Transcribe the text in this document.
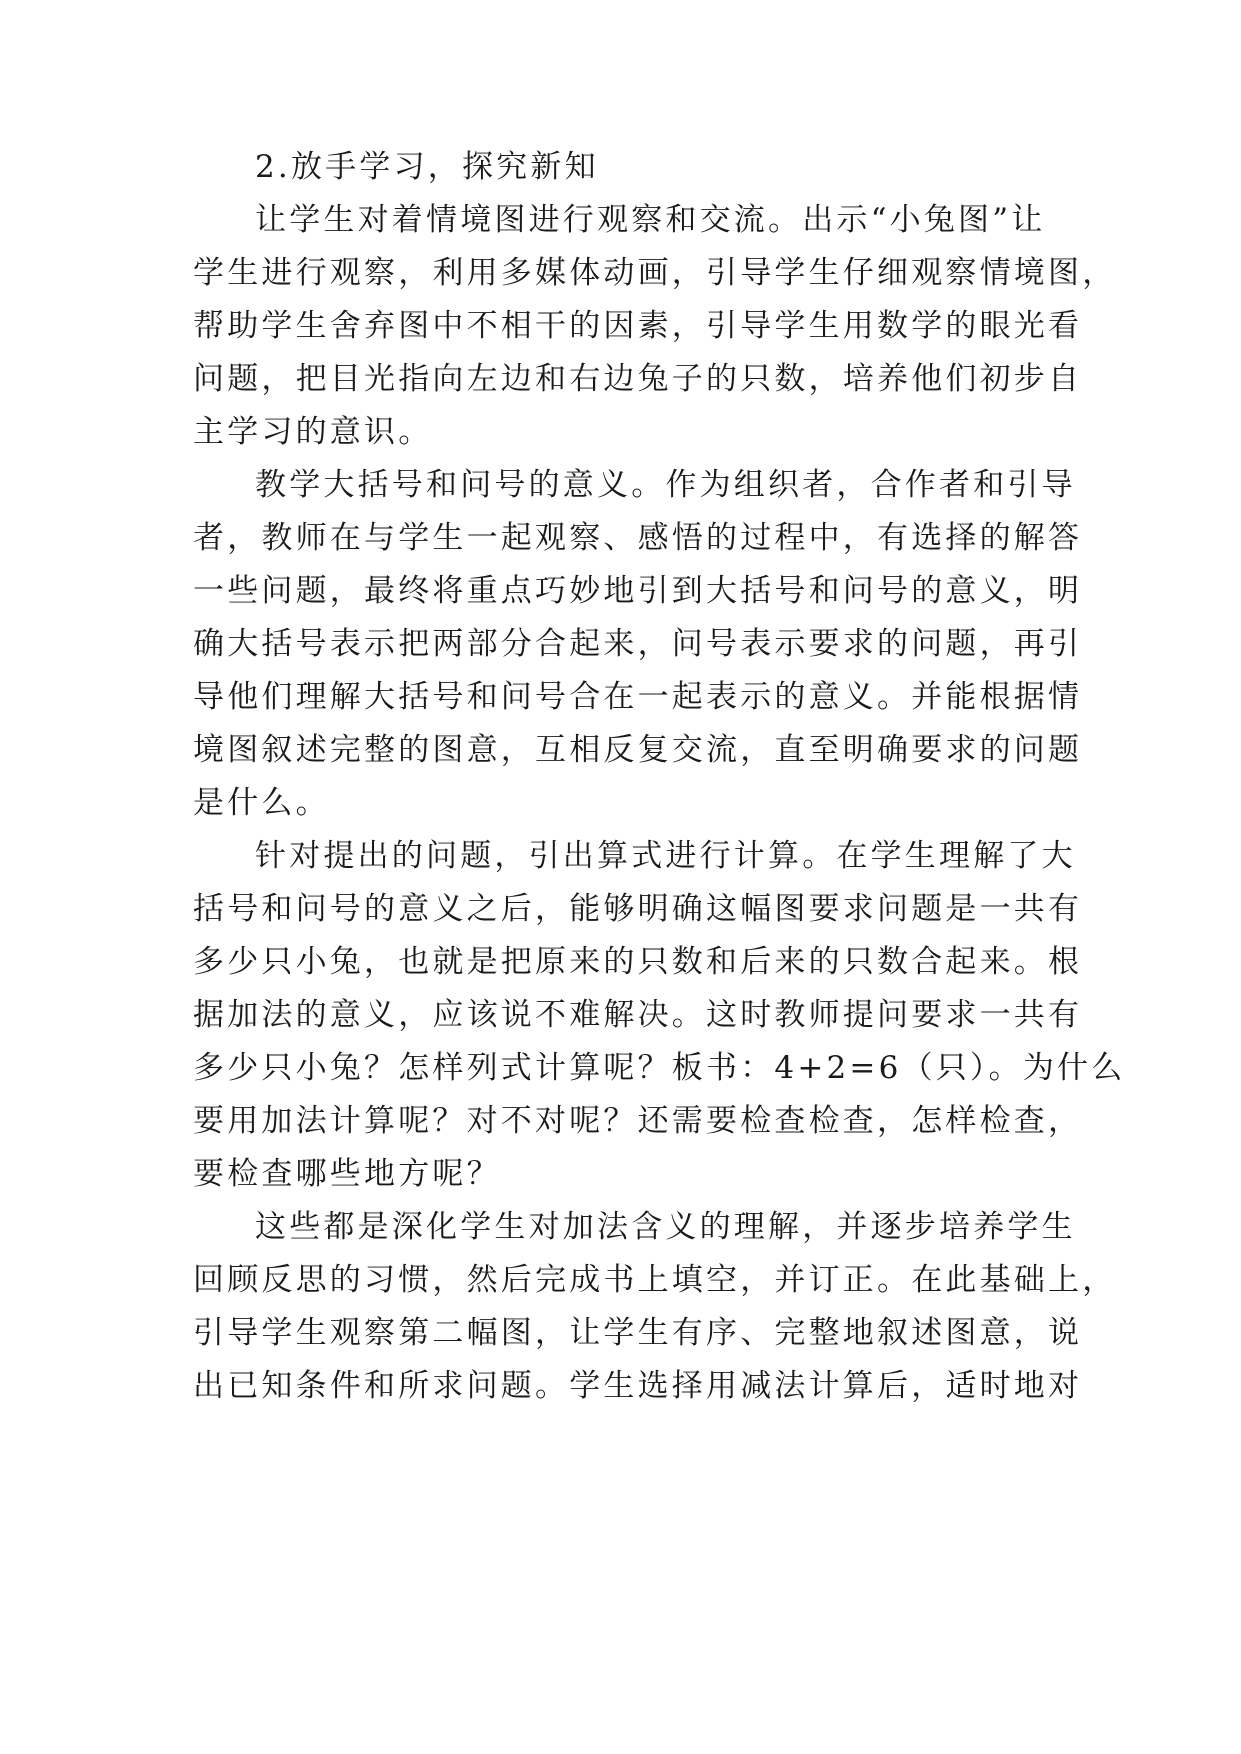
2.放手学习，探究新知
让学生对着情境图进行观察和交流。出示“小兔图”让
学生进行观察，利用多媒体动画，引导学生仔细观察情境图，
帮助学生舍弃图中不相干的因素，引导学生用数学的眼光看
问题，把目光指向左边和右边兔子的只数，培养他们初步自
主学习的意识。
教学大括号和问号的意义。作为组织者，合作者和引导
者，教师在与学生一起观察、感悟的过程中，有选择的解答
一些问题，最终将重点巧妙地引到大括号和问号的意义，明
确大括号表示把两部分合起来，问号表示要求的问题，再引
导他们理解大括号和问号合在一起表示的意义。并能根据情
境图叙述完整的图意，互相反复交流，直至明确要求的问题
是什么。
针对提出的问题，引出算式进行计算。在学生理解了大
括号和问号的意义之后，能够明确这幅图要求问题是一共有
多少只小兔，也就是把原来的只数和后来的只数合起来。根
据加法的意义，应该说不难解决。这时教师提问要求一共有
多少只小兔？怎样列式计算呢？板书：4+2=6（只）。为什么
要用加法计算呢？对不对呢？还需要检查检查，怎样检查，
要检查哪些地方呢？
这些都是深化学生对加法含义的理解，并逐步培养学生
回顾反思的习惯，然后完成书上填空，并订正。在此基础上，
引导学生观察第二幅图，让学生有序、完整地叙述图意，说
出已知条件和所求问题。学生选择用减法计算后，适时地对
